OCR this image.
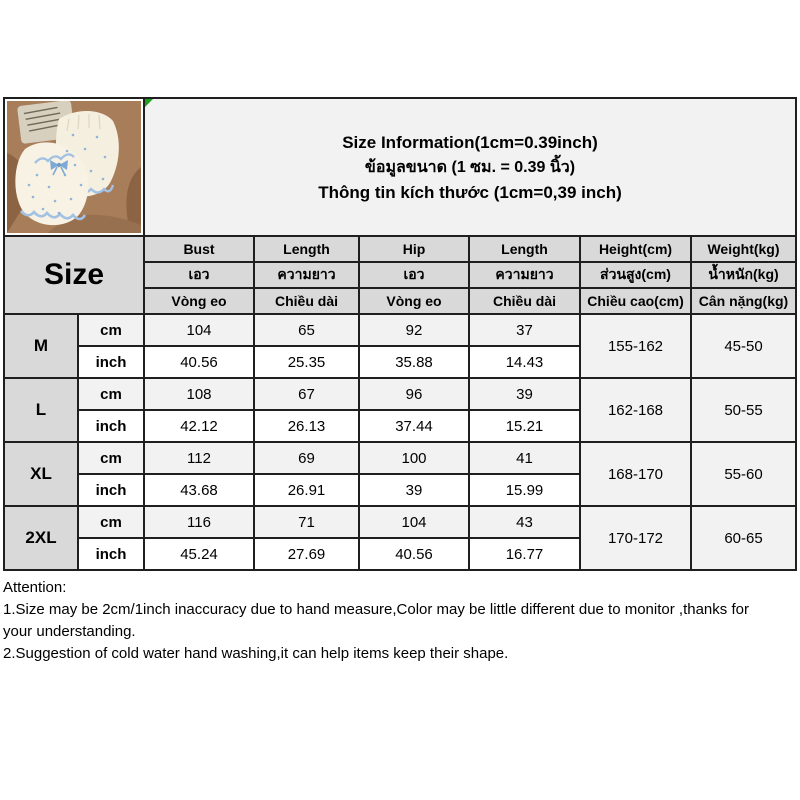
Size Information(1cm=0.39inch)
ข้อมูลขนาด (1 ซม. = 0.39 นิ้ว)
Thông tin kích thước (1cm=0,39 inch)					

Size		Bust	Length	Hip	Length	Height(cm)	Weight(kg)
		เอว	ความยาว	เอว	ความยาว	ส่วนสูง(cm)	น้ำหนัก(kg)
		Vòng eo	Chiều dài	Vòng eo	Chiều dài	Chiều cao(cm)	Cân nặng(kg)
M	cm	104	65	92	37	155-162	45-50
	inch	40.56	25.35	35.88	14.43		
L	cm	108	67	96	39	162-168	50-55
	inch	42.12	26.13	37.44	15.21		
XL	cm	112	69	100	41	168-170	55-60
	inch	43.68	26.91	39	15.99		
2XL	cm	116	71	104	43	170-172	60-65
	inch	45.24	27.69	40.56	16.77		
Attention:
1.Size may be 2cm/1inch inaccuracy due to hand measure,Color may be little different due to monitor ,thanks for your understanding.
2.Suggestion of cold water hand washing,it can help items keep their shape.
